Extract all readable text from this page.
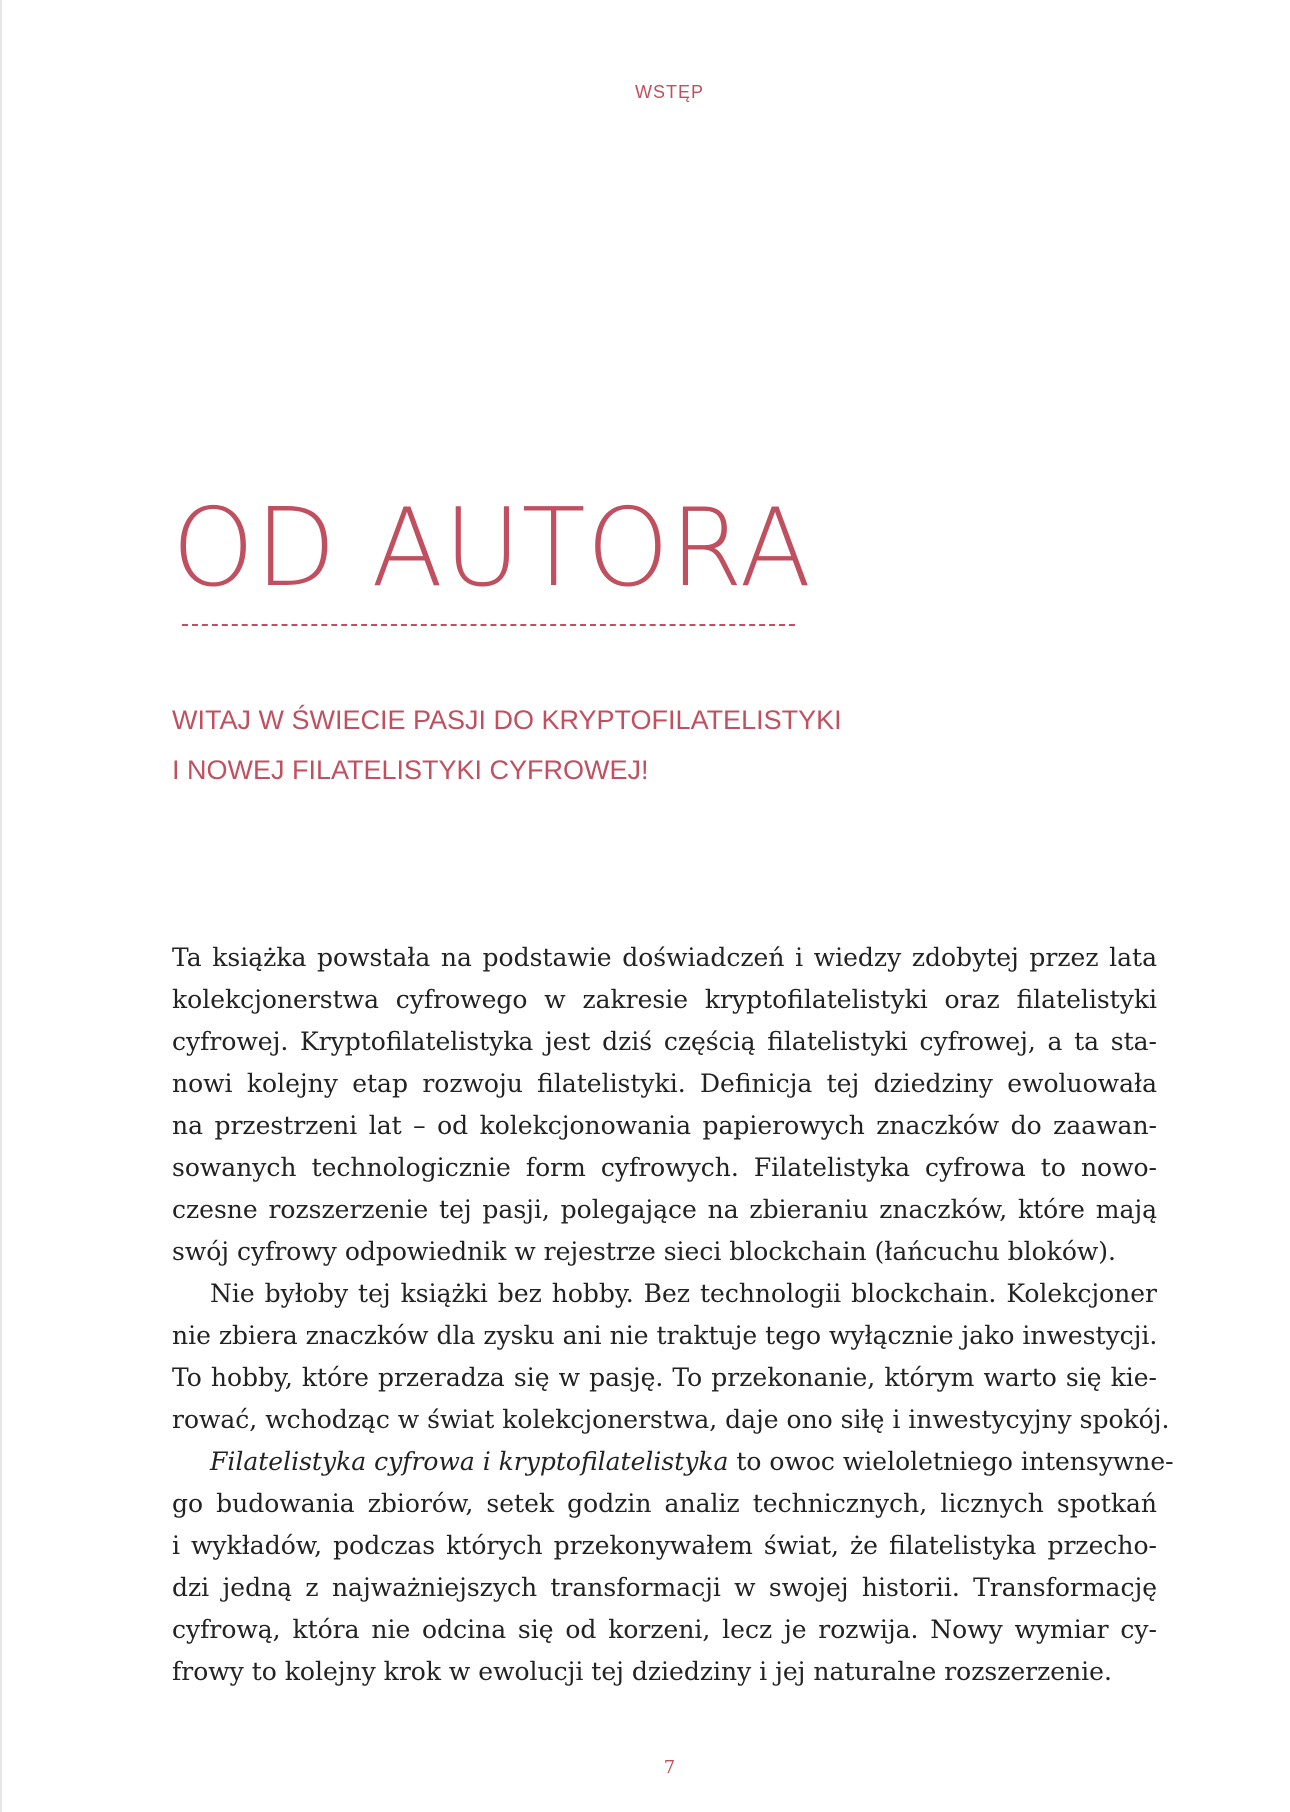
WSTĘP
OD AUTORA
WITAJ W ŚWIECIE PASJI DO KRYPTOFILATELISTYKI
I NOWEJ FILATELISTYKI CYFROWEJ!
Ta książka powstała na podstawie doświadczeń i wiedzy zdobytej przez lata
kolekcjonerstwa cyfrowego w zakresie kryptofilatelistyki oraz filatelistyki
cyfrowej. Kryptofilatelistyka jest dziś częścią filatelistyki cyfrowej, a ta sta-
nowi kolejny etap rozwoju filatelistyki. Definicja tej dziedziny ewoluowała
na przestrzeni lat – od kolekcjonowania papierowych znaczków do zaawan-
sowanych technologicznie form cyfrowych. Filatelistyka cyfrowa to nowo-
czesne rozszerzenie tej pasji, polegające na zbieraniu znaczków, które mają
swój cyfrowy odpowiednik w rejestrze sieci blockchain (łańcuchu bloków).
Nie byłoby tej książki bez hobby. Bez technologii blockchain. Kolekcjoner
nie zbiera znaczków dla zysku ani nie traktuje tego wyłącznie jako inwestycji.
To hobby, które przeradza się w pasję. To przekonanie, którym warto się kie-
rować, wchodząc w świat kolekcjonerstwa, daje ono siłę i inwestycyjny spokój.
Filatelistyka cyfrowa i kryptofilatelistyka to owoc wieloletniego intensywne-
go budowania zbiorów, setek godzin analiz technicznych, licznych spotkań
i wykładów, podczas których przekonywałem świat, że filatelistyka przecho-
dzi jedną z najważniejszych transformacji w swojej historii. Transformację
cyfrową, która nie odcina się od korzeni, lecz je rozwija. Nowy wymiar cy-
frowy to kolejny krok w ewolucji tej dziedziny i jej naturalne rozszerzenie.
7
